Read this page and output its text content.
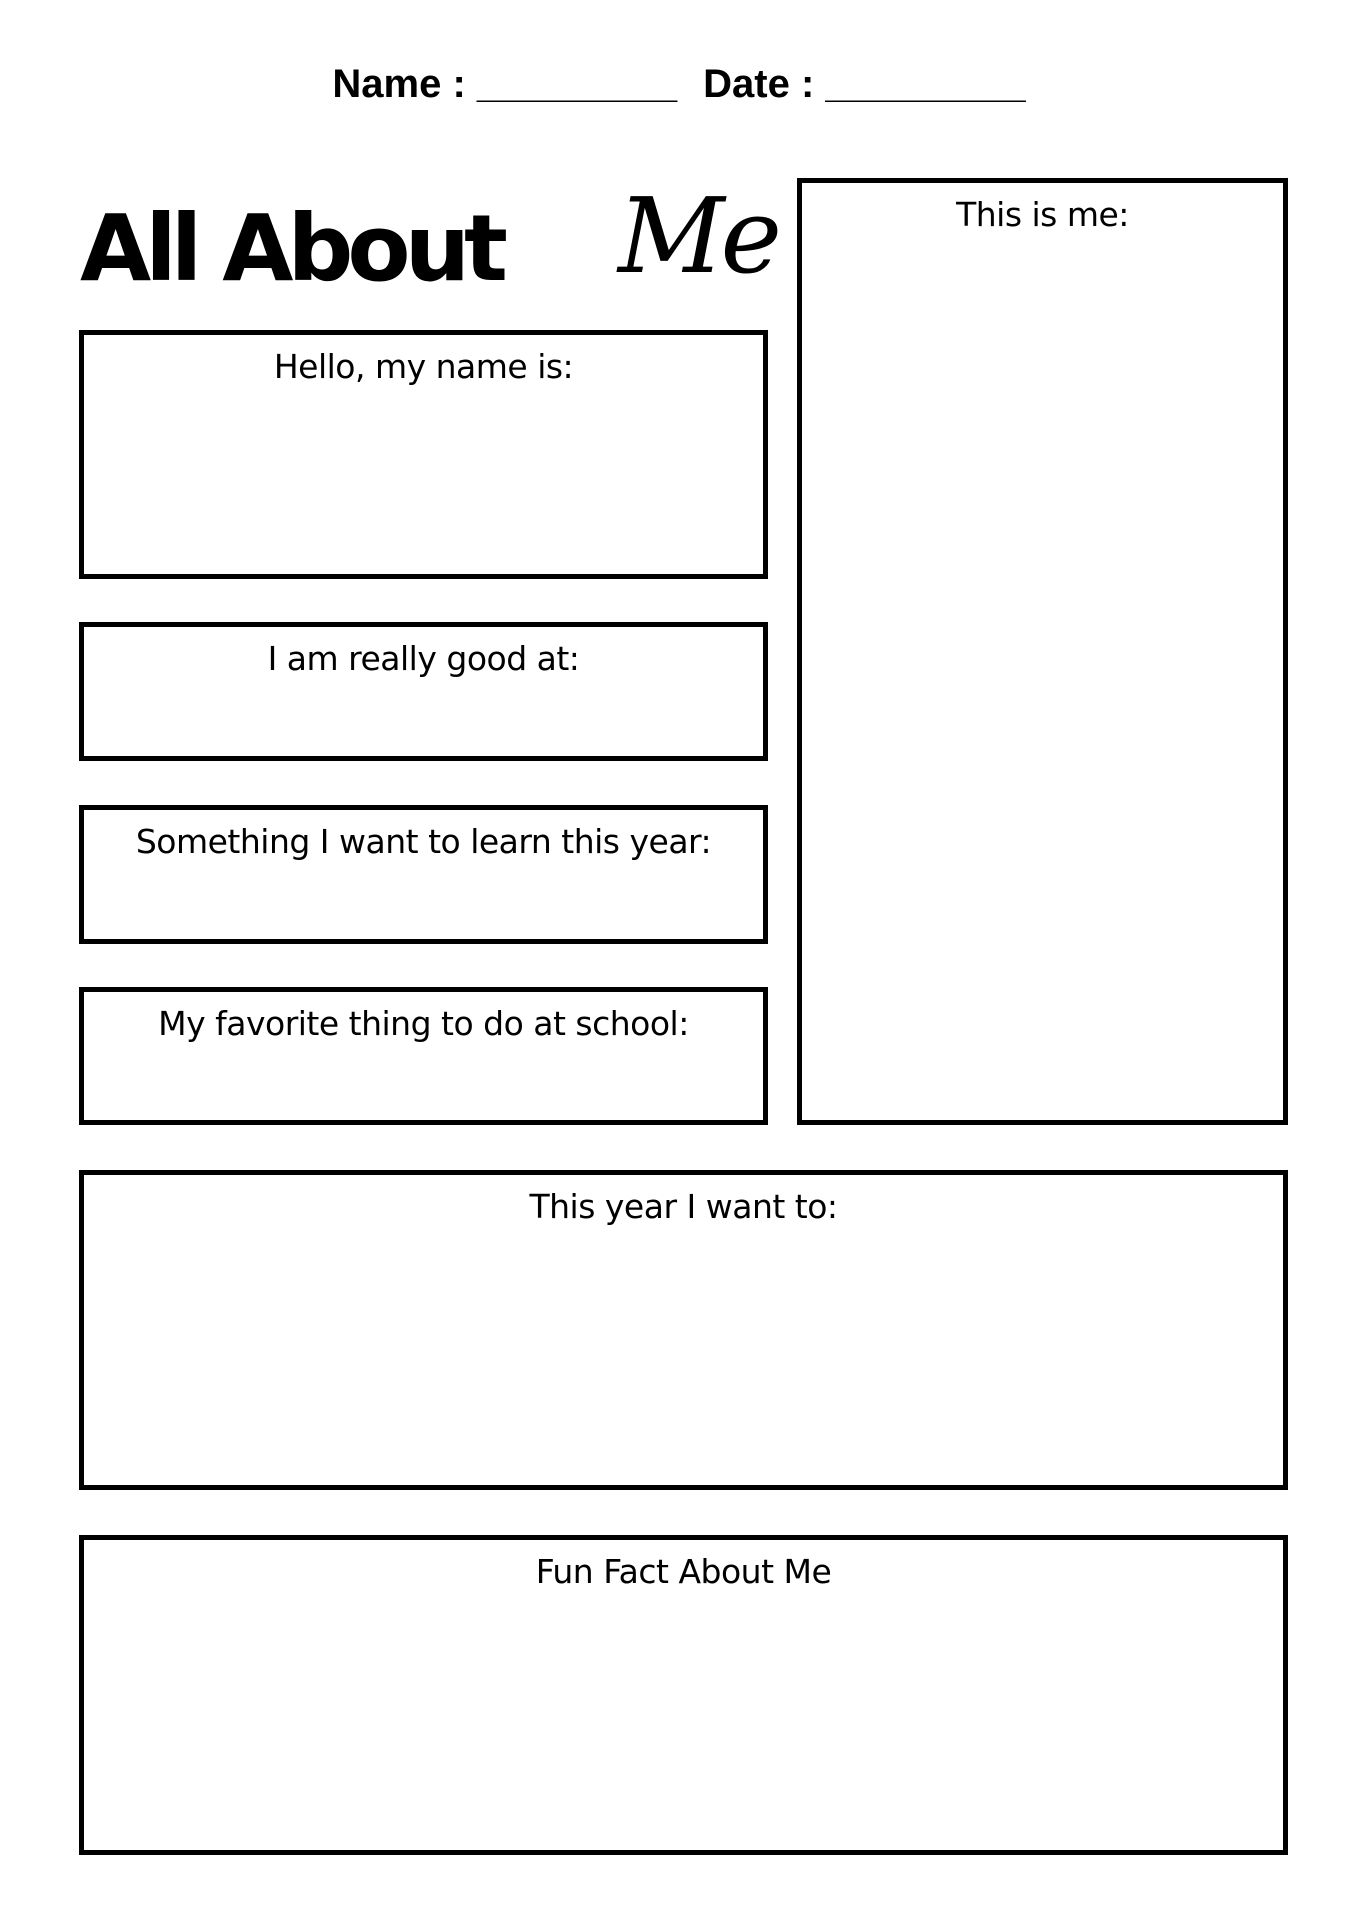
Name : _________ Date : _________
All About Me
Hello, my name is:
I am really good at:
Something I want to learn this year:
My favorite thing to do at school:
This is me:
This year I want to:
Fun Fact About Me
